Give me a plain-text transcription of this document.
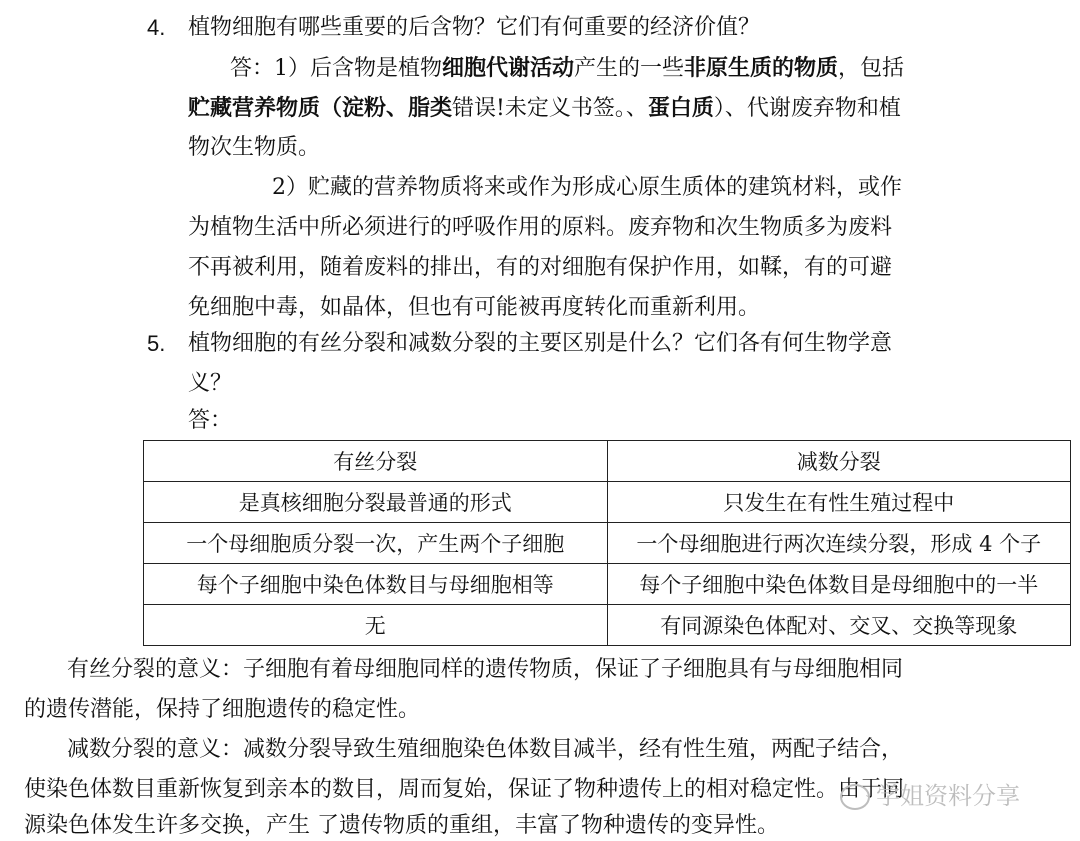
4. 植物细胞有哪些重要的后含物？它们有何重要的经济价值？
答：1）后含物是植物细胞代谢活动产生的一些非原生质的物质，包括
贮藏营养物质（淀粉、脂类错误!未定义书签。、蛋白质）、代谢废弃物和植
物次生物质。
2）贮藏的营养物质将来或作为形成心原生质体的建筑材料，或作
为植物生活中所必须进行的呼吸作用的原料。废弃物和次生物质多为废料
不再被利用，随着废料的排出，有的对细胞有保护作用，如鞣，有的可避
免细胞中毒，如晶体，但也有可能被再度转化而重新利用。
5. 植物细胞的有丝分裂和减数分裂的主要区别是什么？它们各有何生物学意
义？
答：
有丝分裂	减数分裂
是真核细胞分裂最普通的形式	只发生在有性生殖过程中
一个母细胞质分裂一次，产生两个子细胞	一个母细胞进行两次连续分裂，形成 4 个子
每个子细胞中染色体数目与母细胞相等	每个子细胞中染色体数目是母细胞中的一半
无	有同源染色体配对、交叉、交换等现象
有丝分裂的意义：子细胞有着母细胞同样的遗传物质，保证了子细胞具有与母细胞相同
的遗传潜能，保持了细胞遗传的稳定性。
减数分裂的意义：减数分裂导致生殖细胞染色体数目减半，经有性生殖，两配子结合，
使染色体数目重新恢复到亲本的数目，周而复始，保证了物种遗传上的相对稳定性。由于同
源染色体发生许多交换，产生 了遗传物质的重组，丰富了物种遗传的变异性。
学姐资料分享
